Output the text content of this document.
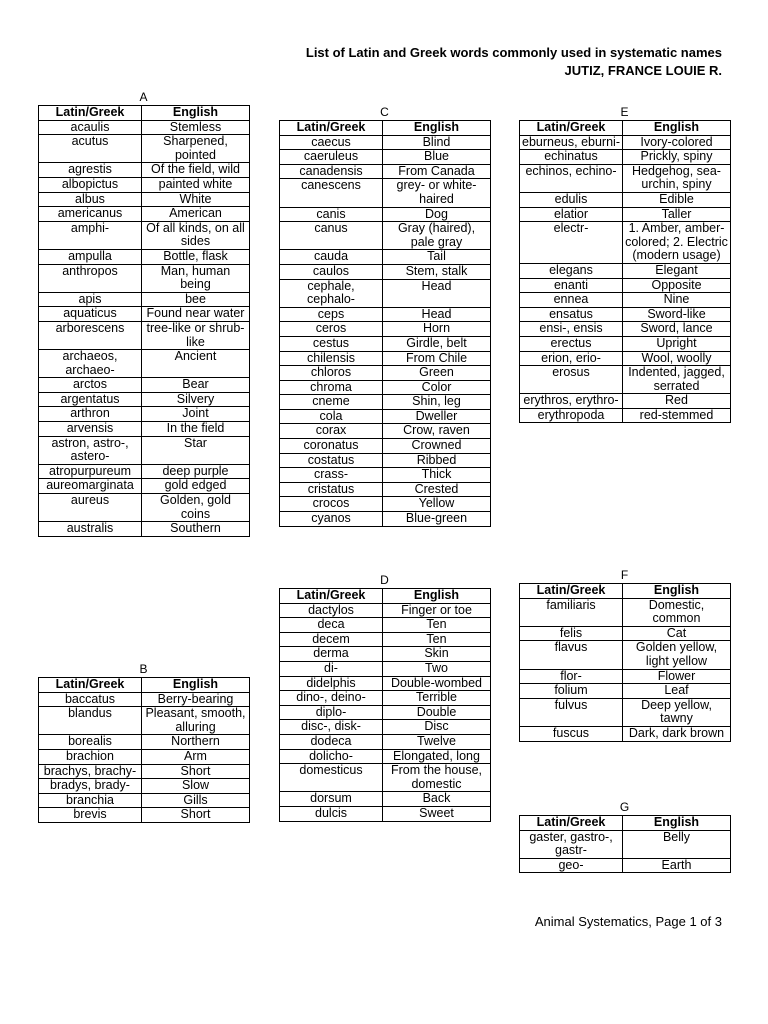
List of Latin and Greek words commonly used in systematic names
JUTIZ, FRANCE LOUIE R.
A
Latin/Greek	English
acaulis	Stemless
acutus	Sharpened, pointed
agrestis	Of the field, wild
albopictus	painted white
albus	White
americanus	American
amphi-	Of all kinds, on all sides
ampulla	Bottle, flask
anthropos	Man, human being
apis	bee
aquaticus	Found near water
arborescens	tree-like or shrub-like
archaeos, archaeo-	Ancient
arctos	Bear
argentatus	Silvery
arthron	Joint
arvensis	In the field
astron, astro-, astero-	Star
atropurpureum	deep purple
aureomarginata	gold edged
aureus	Golden, gold coins
australis	Southern
B
Latin/Greek	English
baccatus	Berry-bearing
blandus	Pleasant, smooth, alluring
borealis	Northern
brachion	Arm
brachys, brachy-	Short
bradys, brady-	Slow
branchia	Gills
brevis	Short
C
Latin/Greek	English
caecus	Blind
caeruleus	Blue
canadensis	From Canada
canescens	grey- or white-haired
canis	Dog
canus	Gray (haired), pale gray
cauda	Tail
caulos	Stem, stalk
cephale, cephalo-	Head
ceps	Head
ceros	Horn
cestus	Girdle, belt
chilensis	From Chile
chloros	Green
chroma	Color
cneme	Shin, leg
cola	Dweller
corax	Crow, raven
coronatus	Crowned
costatus	Ribbed
crass-	Thick
cristatus	Crested
crocos	Yellow
cyanos	Blue-green
D
Latin/Greek	English
dactylos	Finger or toe
deca	Ten
decem	Ten
derma	Skin
di-	Two
didelphis	Double-wombed
dino-, deino-	Terrible
diplo-	Double
disc-, disk-	Disc
dodeca	Twelve
dolicho-	Elongated, long
domesticus	From the house, domestic
dorsum	Back
dulcis	Sweet
E
Latin/Greek	English
eburneus, eburni-	Ivory-colored
echinatus	Prickly, spiny
echinos, echino-	Hedgehog, sea-urchin, spiny
edulis	Edible
elatior	Taller
electr-	1. Amber, amber-colored; 2. Electric (modern usage)
elegans	Elegant
enanti	Opposite
ennea	Nine
ensatus	Sword-like
ensi-, ensis	Sword, lance
erectus	Upright
erion, erio-	Wool, woolly
erosus	Indented, jagged, serrated
erythros, erythro-	Red
erythropoda	red-stemmed
F
Latin/Greek	English
familiaris	Domestic, common
felis	Cat
flavus	Golden yellow, light yellow
flor-	Flower
folium	Leaf
fulvus	Deep yellow, tawny
fuscus	Dark, dark brown
G
Latin/Greek	English
gaster, gastro-, gastr-	Belly
geo-	Earth
Animal Systematics, Page 1 of 3
